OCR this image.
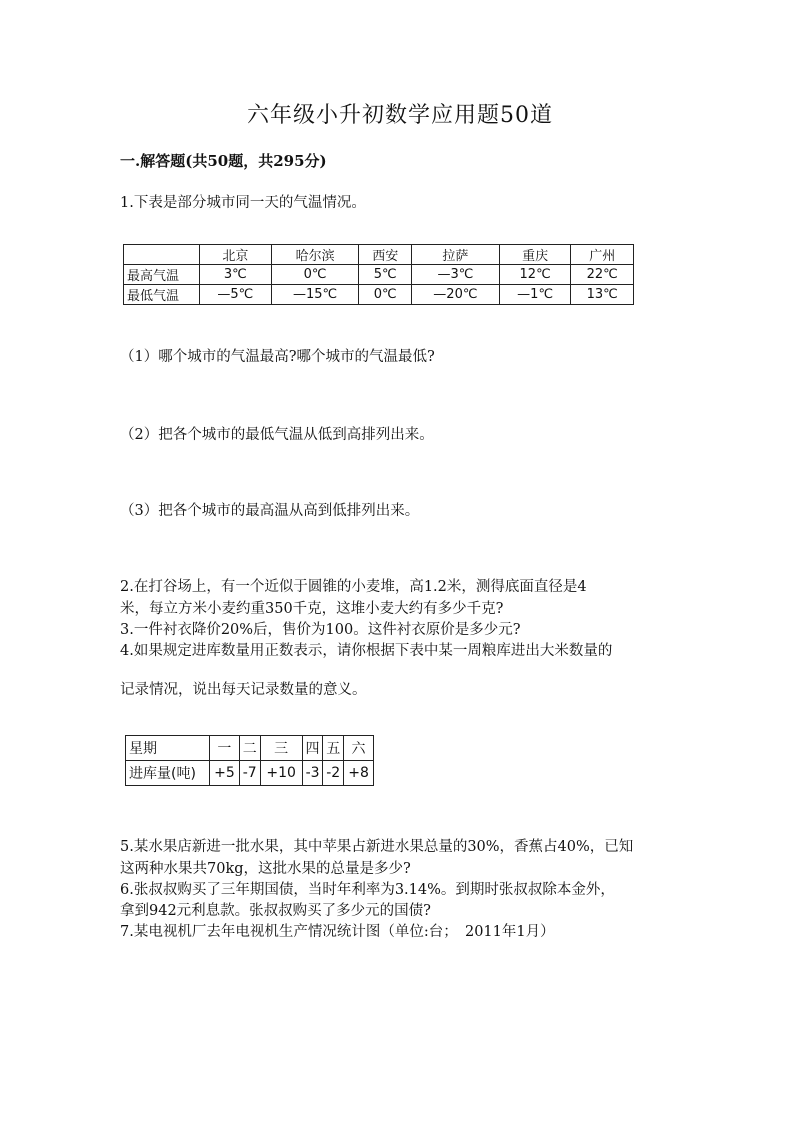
六年级小升初数学应用题50道
一.解答题(共50题，共295分)
1.下表是部分城市同一天的气温情况。
	北京	哈尔滨	西安	拉萨	重庆	广州
最高气温	3℃	0℃	5℃	—3℃	12℃	22℃
最低气温	—5℃	—15℃	0℃	—20℃	—1℃	13℃
（1）哪个城市的气温最高?哪个城市的气温最低?
（2）把各个城市的最低气温从低到高排列出来。
（3）把各个城市的最高温从高到低排列出来。
2.在打谷场上，有一个近似于圆锥的小麦堆，高1.2米，测得底面直径是4
米，每立方米小麦约重350千克，这堆小麦大约有多少千克?
3.一件衬衣降价20%后，售价为100。这件衬衣原价是多少元?
4.如果规定进库数量用正数表示，请你根据下表中某一周粮库进出大米数量的
记录情况，说出每天记录数量的意义。
星期	一	二	三	四	五	六
进库量(吨)	+5	-7	+10	-3	-2	+8
5.某水果店新进一批水果，其中苹果占新进水果总量的30%，香蕉占40%，已知
这两种水果共70kg，这批水果的总量是多少?
6.张叔叔购买了三年期国债，当时年利率为3.14%。到期时张叔叔除本金外，
拿到942元利息款。张叔叔购买了多少元的国债?
7.某电视机厂去年电视机生产情况统计图（单位:台；　2011年1月）
